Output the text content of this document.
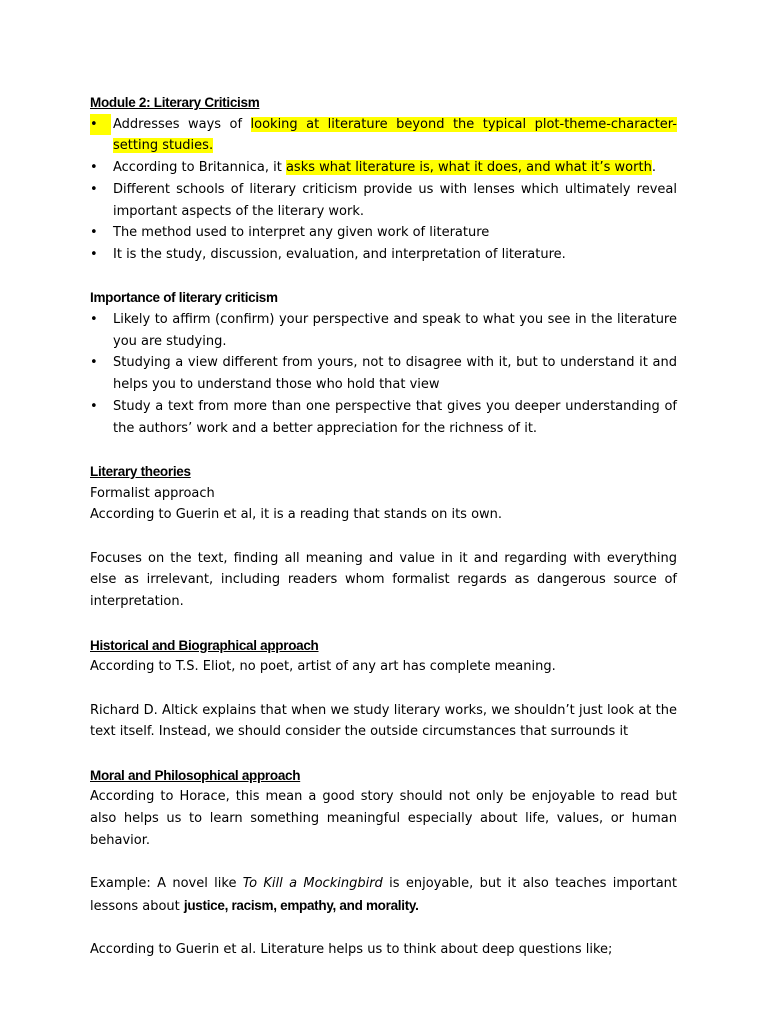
Module 2: Literary Criticism
•	Addresses ways of looking at literature beyond the typical plot-theme-character-setting studies.
•	According to Britannica, it asks what literature is, what it does, and what it’s worth.
•	Different schools of literary criticism provide us with lenses which ultimately reveal important aspects of the literary work.
•	The method used to interpret any given work of literature
•	It is the study, discussion, evaluation, and interpretation of literature.
Importance of literary criticism
•	Likely to affirm (confirm) your perspective and speak to what you see in the literature you are studying.
•	Studying a view different from yours, not to disagree with it, but to understand it and helps you to understand those who hold that view
•	Study a text from more than one perspective that gives you deeper understanding of the authors’ work and a better appreciation for the richness of it.
Literary theories

Formalist approach

According to Guerin et al, it is a reading that stands on its own.

Focuses on the text, finding all meaning and value in it and regarding with everything else as irrelevant, including readers whom formalist regards as dangerous source of interpretation.

Historical and Biographical approach

According to T.S. Eliot, no poet, artist of any art has complete meaning.

Richard D. Altick explains that when we study literary works, we shouldn’t just look at the text itself. Instead, we should consider the outside circumstances that surrounds it

Moral and Philosophical approach

According to Horace, this mean a good story should not only be enjoyable to read but also helps us to learn something meaningful especially about life, values, or human behavior.

Example: A novel like To Kill a Mockingbird is enjoyable, but it also teaches important lessons about justice, racism, empathy, and morality.

According to Guerin et al. Literature helps us to think about deep questions like;
